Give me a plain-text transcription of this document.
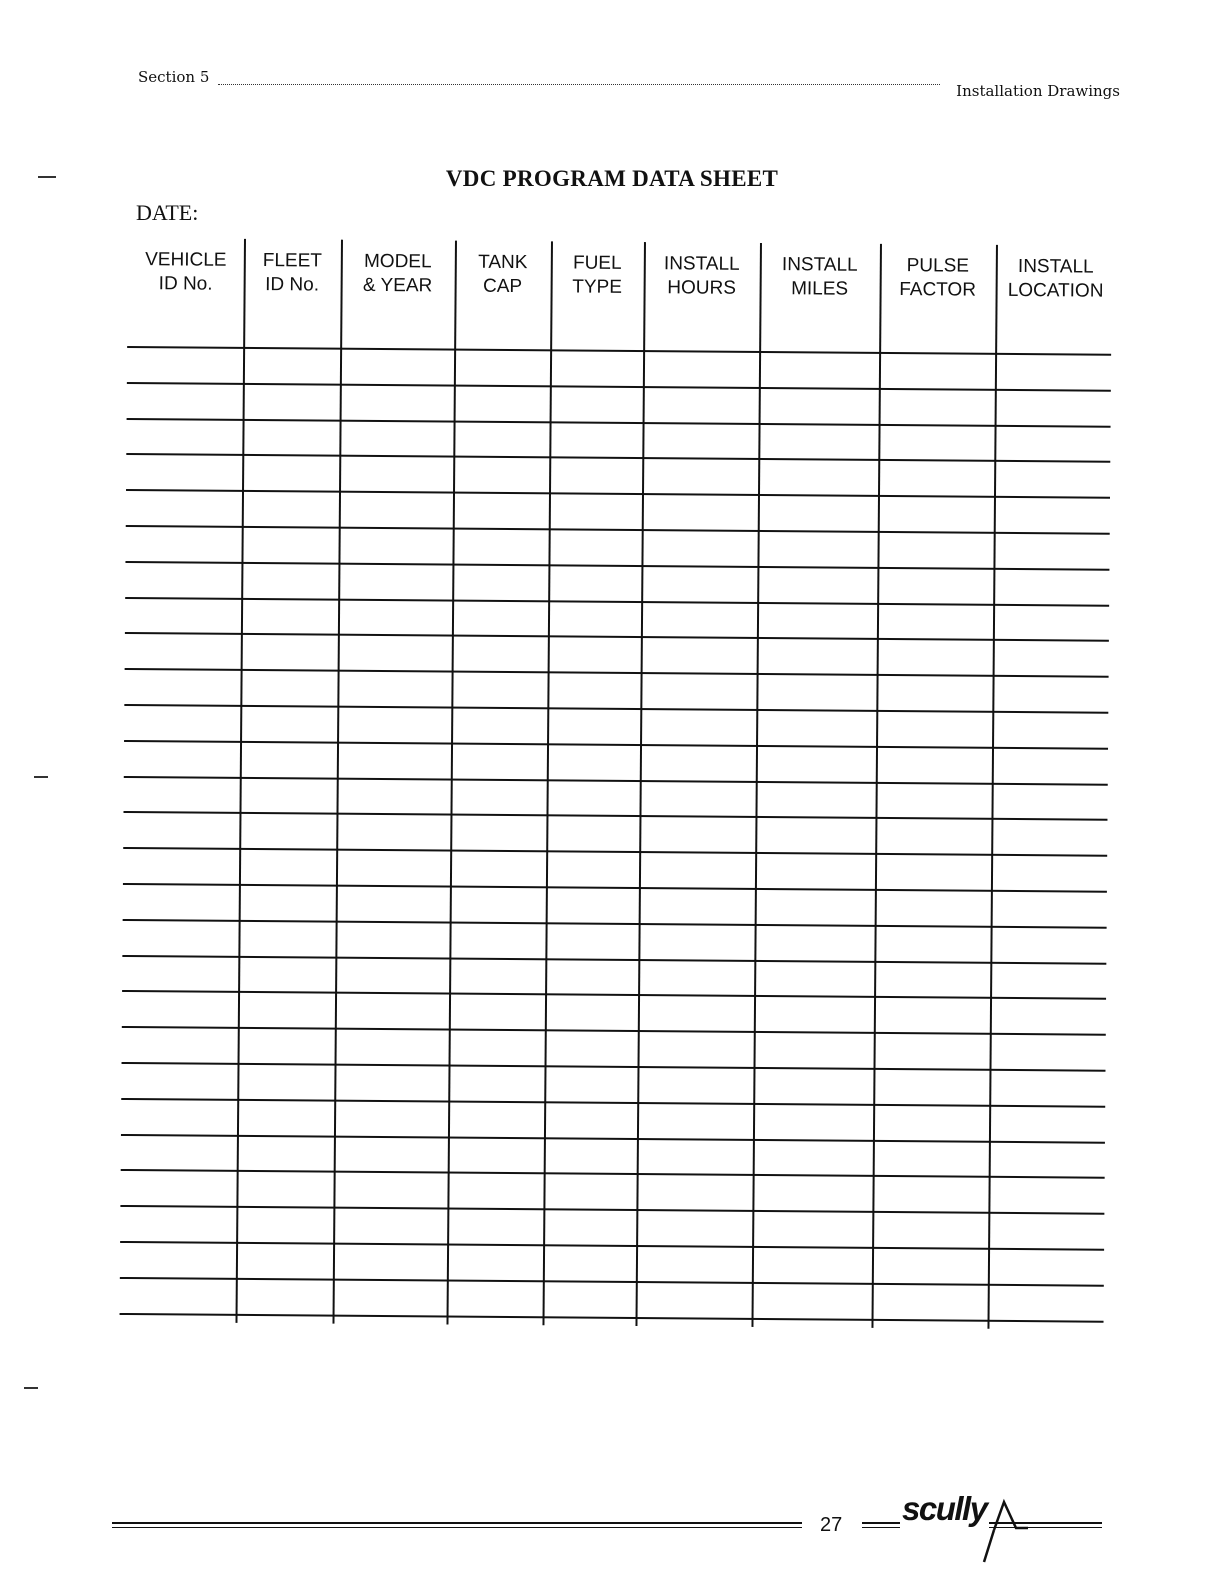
Section 5
Installation Drawings
VDC PROGRAM DATA SHEET
DATE:
VEHICLE
ID No.
FLEET
ID No.
MODEL
& YEAR
TANK
CAP
FUEL
TYPE
INSTALL
HOURS
INSTALL
MILES
PULSE
FACTOR
INSTALL
LOCATION
27 scully
